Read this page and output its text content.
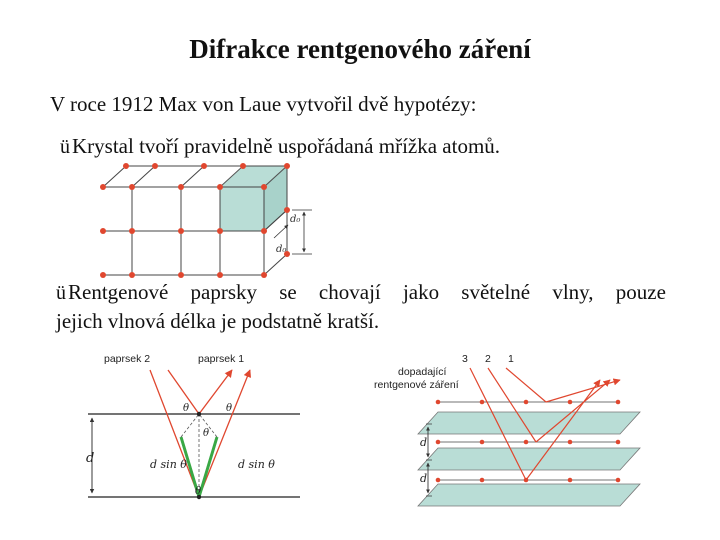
Difrakce rentgenového záření
V roce 1912 Max von Laue vytvořil dvě hypotézy:
üKrystal tvoří pravidelně uspořádaná mřížka atomů.
üRentgenové paprsky se chovají jako světelné vlny, pouze
jejich vlnová délka je podstatně kratší.
d₀
d₀
paprsek 2	paprsek 1
θ	θ
θ
θ
d	d sin θ	d sin θ
3 2 1
dopadající
rentgenové záření
d
d
